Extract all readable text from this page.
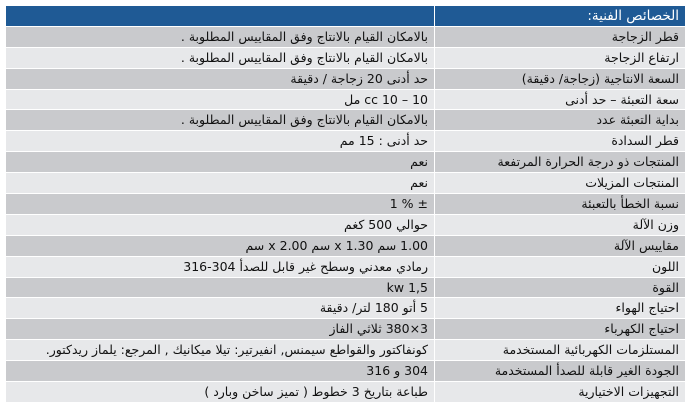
الخصائص الفنية:	
قطر الزجاجة	بالامكان القيام بالانتاج وفق المقاييس المطلوبة .
ارتفاع الزجاجة	بالامكان القيام بالانتاج وفق المقاييس المطلوبة .
السعة الانتاجية (زجاجة/ دقيقة)	حد أدنی 20 زجاجة / دقیقة
سعة التعبئة – حد أدنى	10 – 10 cc مل
بداية التعبئة عدد	بالامكان القيام بالانتاج وفق المقاييس المطلوبة .
قطر السدادة	حد أدنى : 15 مم
المنتجات ذو درجة الحرارة المرتفعة	نعم
المنتجات المزيلات	نعم
نسبة الخطأ بالتعبئة	± % 1
وزن الآلة	حوالي 500 كغم
مقاييس الآلة	1.00 سم x 1.30 سم x 2.00 سم
اللون	رمادي معدني وسطح غير قابل للصدأ 304-316
القوة	1,5 kw
احتياج الهواء	5 أتو 180 لتر/ دقيقة
احتياج الكهرباء	3×380 ثلاثي الفاز
المستلزمات الكهربائية المستخدمة	كونفاكتور والقواطع سيمنس, انفيرتير: تيلا ميكانيك , المرجع: يلماز ريدكتور.
الجودة الغير قابلة للصدأ المستخدمة	304 و 316
التجهيزات الاختيارية	طباعة بتاريخ 3 خطوط ( تميز ساخن وبارد )
